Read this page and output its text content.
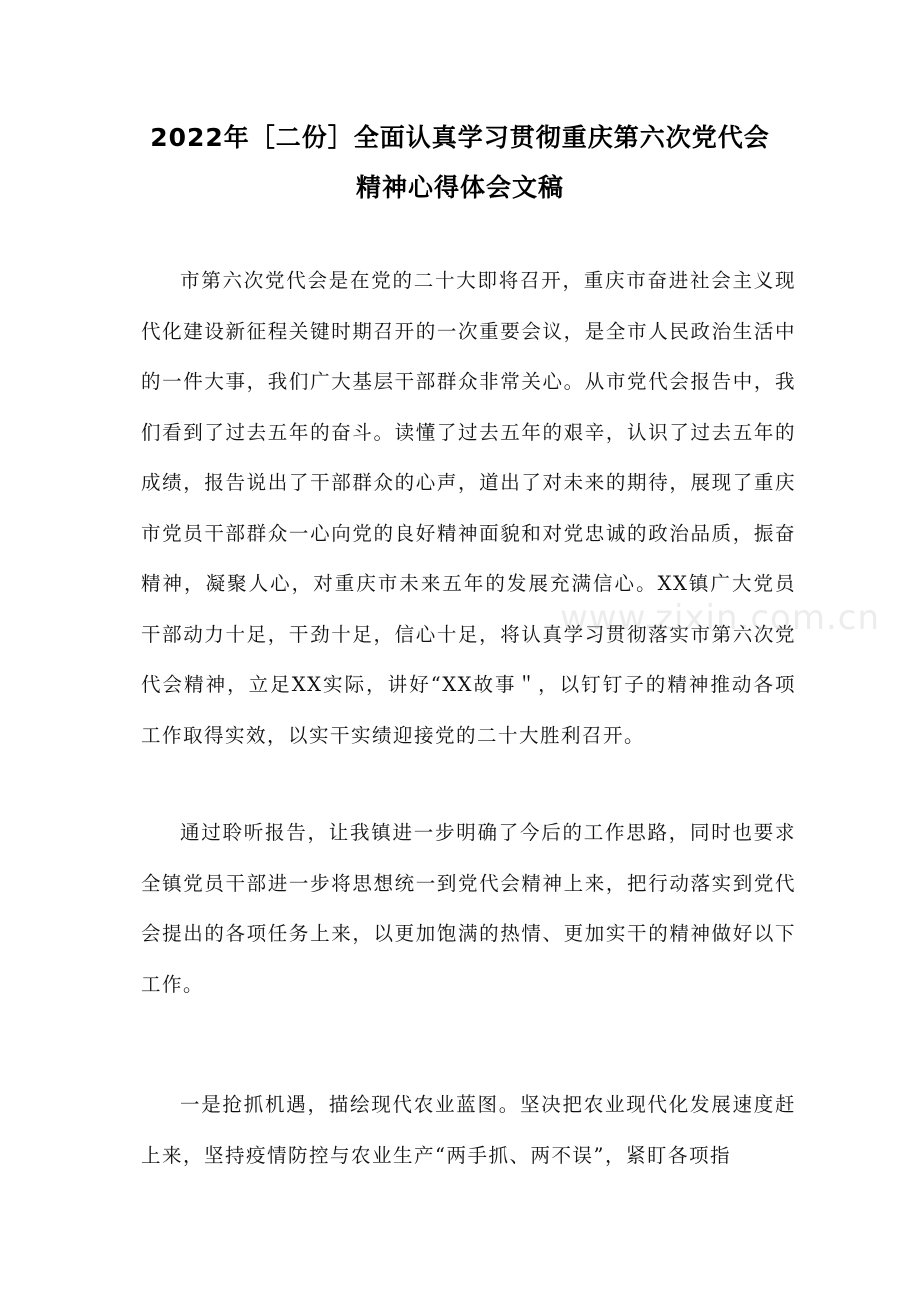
2022年［二份］全面认真学习贯彻重庆第六次党代会
精神心得体会文稿

市第六次党代会是在党的二十大即将召开，重庆市奋进社会主义现代化建设新征程关键时期召开的一次重要会议，是全市人民政治生活中的一件大事，我们广大基层干部群众非常关心。从市党代会报告中，我们看到了过去五年的奋斗。读懂了过去五年的艰辛，认识了过去五年的成绩，报告说出了干部群众的心声，道出了对未来的期待，展现了重庆市党员干部群众一心向党的良好精神面貌和对党忠诚的政治品质，振奋精神，凝聚人心，对重庆市未来五年的发展充满信心。XX镇广大党员干部动力十足，干劲十足，信心十足，将认真学习贯彻落实市第六次党代会精神，立足XX实际，讲好“XX故事＂，以钉钉子的精神推动各项工作取得实效，以实干实绩迎接党的二十大胜利召开。

通过聆听报告，让我镇进一步明确了今后的工作思路，同时也要求全镇党员干部进一步将思想统一到党代会精神上来，把行动落实到党代会提出的各项任务上来，以更加饱满的热情、更加实干的精神做好以下工作。

一是抢抓机遇，描绘现代农业蓝图。坚决把农业现代化发展速度赶上来，坚持疫情防控与农业生产“两手抓、两不误”，紧盯各项指

www.zixin.com.cn
